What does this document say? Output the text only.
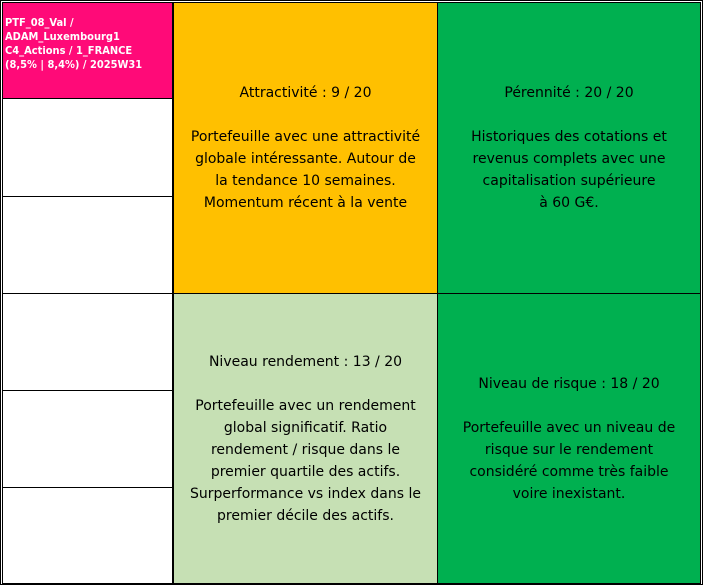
PTF_08_Val /
ADAM_Luxembourg1
C4_Actions / 1_FRANCE
(8,5% | 8,4%) / 2025W31
Attractivité : 9 / 20
Portefeuille avec une attractivité
globale intéressante. Autour de
la tendance 10 semaines.
Momentum récent à la vente
Pérennité : 20 / 20
Historiques des cotations et
revenus complets avec une
capitalisation supérieure
à 60 G€.
Niveau rendement : 13 / 20
Portefeuille avec un rendement
global significatif. Ratio
rendement / risque dans le
premier quartile des actifs.
Surperformance vs index dans le
premier décile des actifs.
Niveau de risque : 18 / 20
Portefeuille avec un niveau de
risque sur le rendement
considéré comme très faible
voire inexistant.
